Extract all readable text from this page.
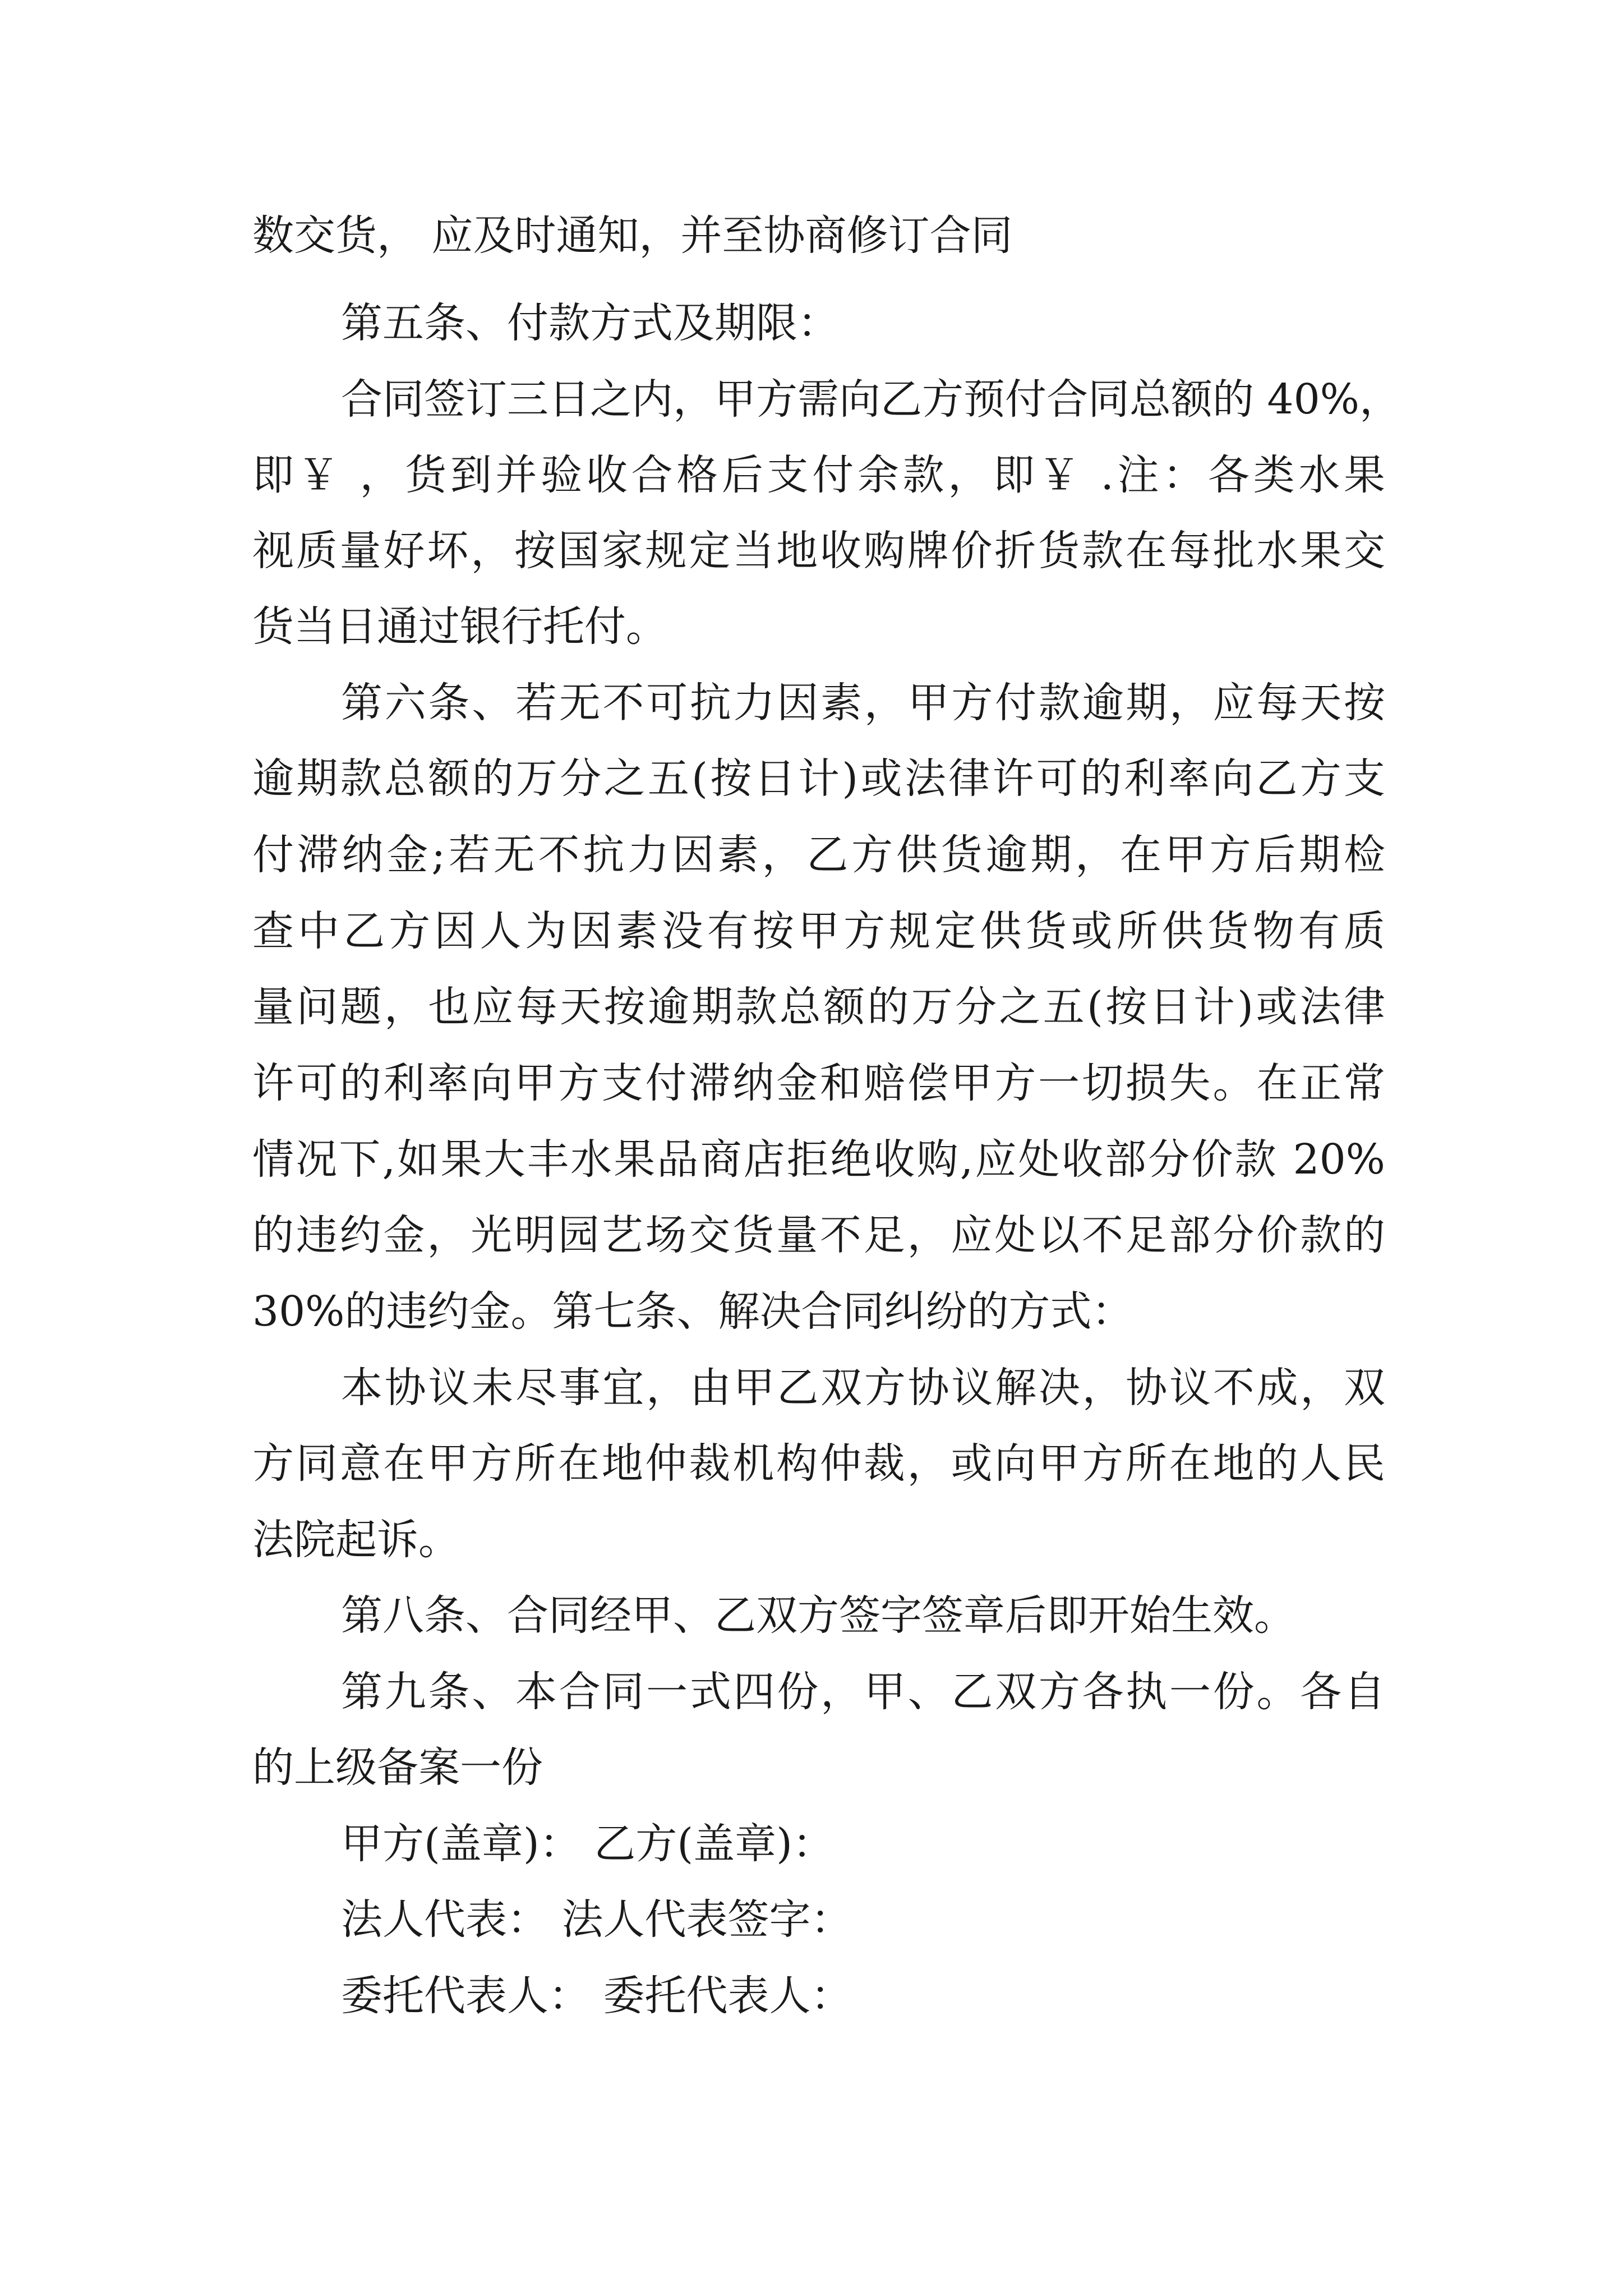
数交货， 应及时通知，并至协商修订合同
第五条、付款方式及期限：
合同签订三日之内，甲方需向乙方预付合同总额的 40%，
即￥ ，货到并验收合格后支付余款，即￥ .注：各类水果
视质量好坏，按国家规定当地收购牌价折货款在每批水果交
货当日通过银行托付。
第六条、若无不可抗力因素，甲方付款逾期，应每天按
逾期款总额的万分之五(按日计)或法律许可的利率向乙方支
付滞纳金;若无不抗力因素，乙方供货逾期，在甲方后期检
查中乙方因人为因素没有按甲方规定供货或所供货物有质
量问题，也应每天按逾期款总额的万分之五(按日计)或法律
许可的利率向甲方支付滞纳金和赔偿甲方一切损失。在正常
情况下,如果大丰水果品商店拒绝收购,应处收部分价款 20%
的违约金，光明园艺场交货量不足，应处以不足部分价款的
30%的违约金。第七条、解决合同纠纷的方式：
本协议未尽事宜，由甲乙双方协议解决，协议不成，双
方同意在甲方所在地仲裁机构仲裁，或向甲方所在地的人民
法院起诉。
第八条、合同经甲、乙双方签字签章后即开始生效。
第九条、本合同一式四份，甲、乙双方各执一份。各自
的上级备案一份
甲方(盖章)： 乙方(盖章)：
法人代表： 法人代表签字：
委托代表人： 委托代表人：
